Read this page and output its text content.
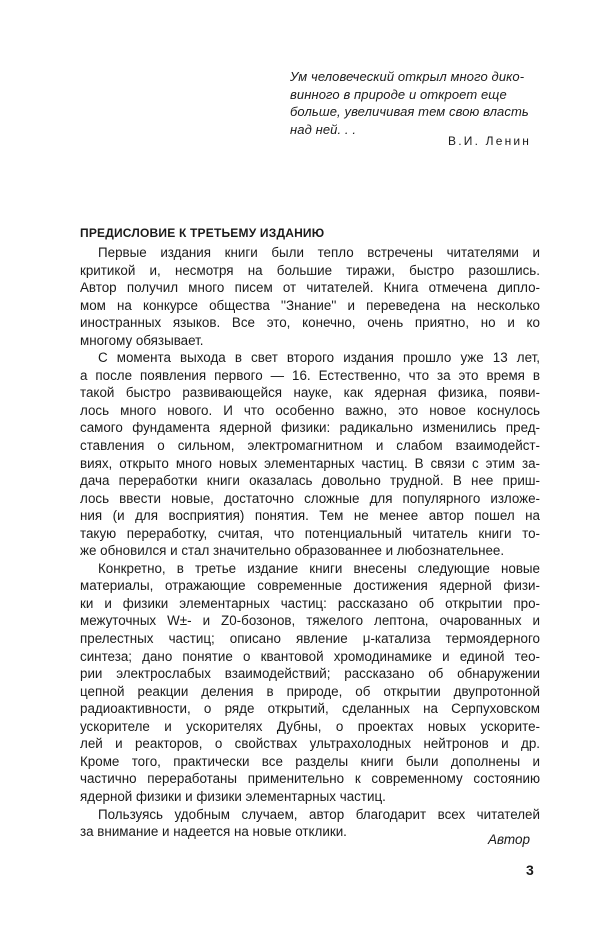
Ум человеческий открыл много дико-
винного в природе и откроет еще
больше, увеличивая тем свою власть
над ней. . .
В.И. Ленин
ПРЕДИСЛОВИЕ К ТРЕТЬЕМУ ИЗДАНИЮ
Первые издания книги были тепло встречены читателями и
критикой и, несмотря на большие тиражи, быстро разошлись.
Автор получил много писем от читателей. Книга отмечена дипло-
мом на конкурсе общества ''Знание'' и переведена на несколько
иностранных языков. Все это, конечно, очень приятно, но и ко
многому обязывает.
С момента выхода в свет второго издания прошло уже 13 лет,
а после появления первого — 16. Естественно, что за это время в
такой быстро развивающейся науке, как ядерная физика, появи-
лось много нового. И что особенно важно, это новое коснулось
самого фундамента ядерной физики: радикально изменились пред-
ставления о сильном, электромагнитном и слабом взаимодейст-
виях, открыто много новых элементарных частиц. В связи с этим за-
дача переработки книги оказалась довольно трудной. В нее приш-
лось ввести новые, достаточно сложные для популярного изложе-
ния (и для восприятия) понятия. Тем не менее автор пошел на
такую переработку, считая, что потенциальный читатель книги то-
же обновился и стал значительно образованнее и любознательнее.
Конкретно, в третье издание книги внесены следующие новые
материалы, отражающие современные достижения ядерной физи-
ки и физики элементарных частиц: рассказано об открытии про-
межуточных W±- и Z0-бозонов, тяжелого лептона, очарованных и
прелестных частиц; описано явление μ-катализа термоядерного
синтеза; дано понятие о квантовой хромодинамике и единой тео-
рии электрослабых взаимодействий; рассказано об обнаружении
цепной реакции деления в природе, об открытии двупротонной
радиоактивности, о ряде открытий, сделанных на Серпуховском
ускорителе и ускорителях Дубны, о проектах новых ускорите-
лей и реакторов, о свойствах ультрахолодных нейтронов и др.
Кроме того, практически все разделы книги были дополнены и
частично переработаны применительно к современному состоянию
ядерной физики и физики элементарных частиц.
Пользуясь удобным случаем, автор благодарит всех читателей
за внимание и надеется на новые отклики.
Автор
3
